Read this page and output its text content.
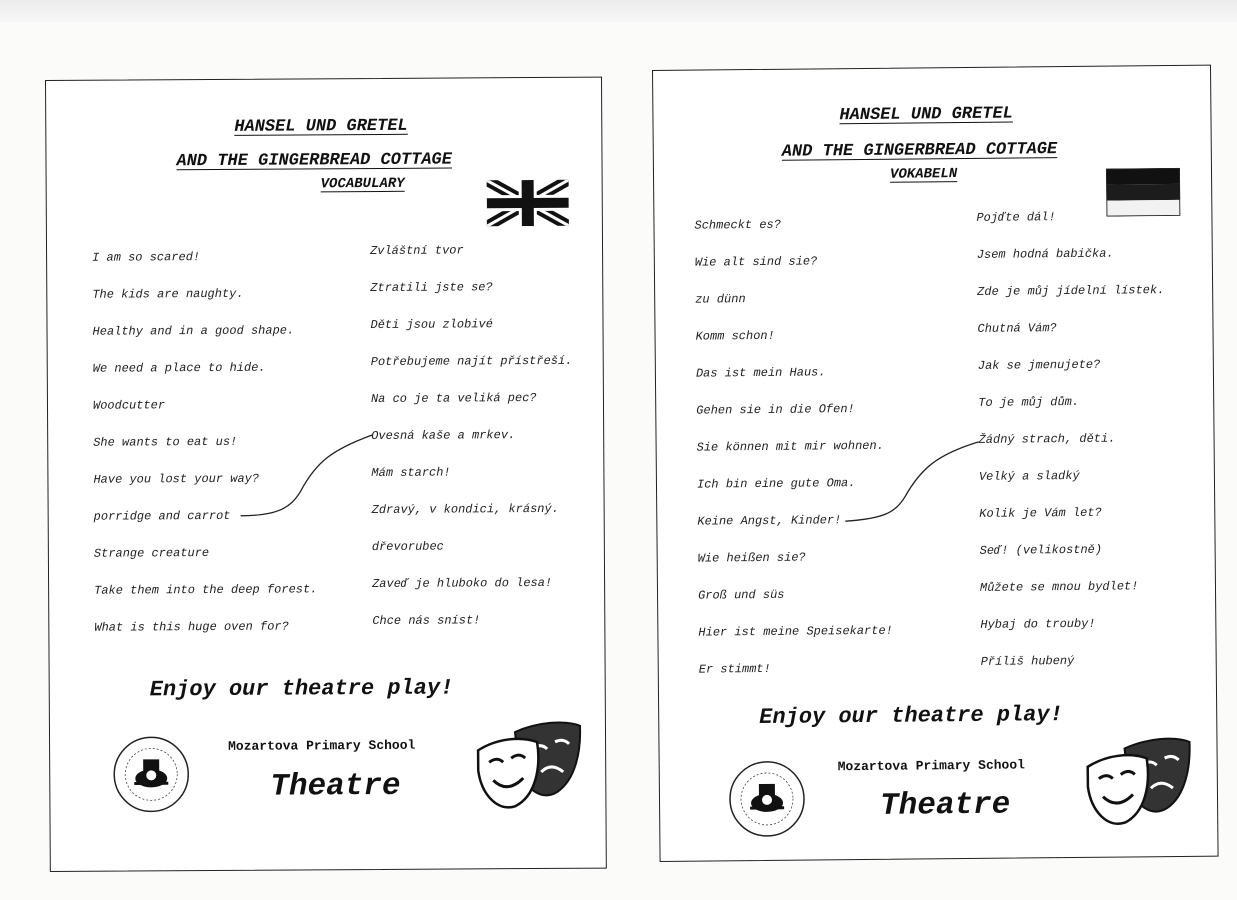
HANSEL UND GRETEL
AND THE GINGERBREAD COTTAGE
VOCABULARY
I am so scared!
The kids are naughty.
Healthy and in a good shape.
We need a place to hide.
Woodcutter
She wants to eat us!
Have you lost your way?
porridge and carrot
Strange creature
Take them into the deep forest.
What is this huge oven for?
Zvláštní tvor
Ztratili jste se?
Děti jsou zlobivé
Potřebujeme najít přístřeší.
Na co je ta veliká pec?
Ovesná kaše a mrkev.
Mám starch!
Zdravý, v kondici, krásný.
dřevorubec
Zaveď je hluboko do lesa!
Chce nás sníst!
Enjoy our theatre play!
Mozartova Primary School
Theatre
HANSEL UND GRETEL
AND THE GINGERBREAD COTTAGE
VOKABELN
Schmeckt es?
Wie alt sind sie?
zu dünn
Komm schon!
Das ist mein Haus.
Gehen sie in die Ofen!
Sie können mit mir wohnen.
Ich bin eine gute Oma.
Keine Angst, Kinder!
Wie heißen sie?
Groß und süs
Hier ist meine Speisekarte!
Er stimmt!
Pojďte dál!
Jsem hodná babička.
Zde je můj jídelní lístek.
Chutná Vám?
Jak se jmenujete?
To je můj dům.
Žádný strach, děti.
Velký a sladký
Kolik je Vám let?
Seď! (velikostně)
Můžete se mnou bydlet!
Hybaj do trouby!
Příliš hubený
Enjoy our theatre play!
Mozartova Primary School
Theatre
